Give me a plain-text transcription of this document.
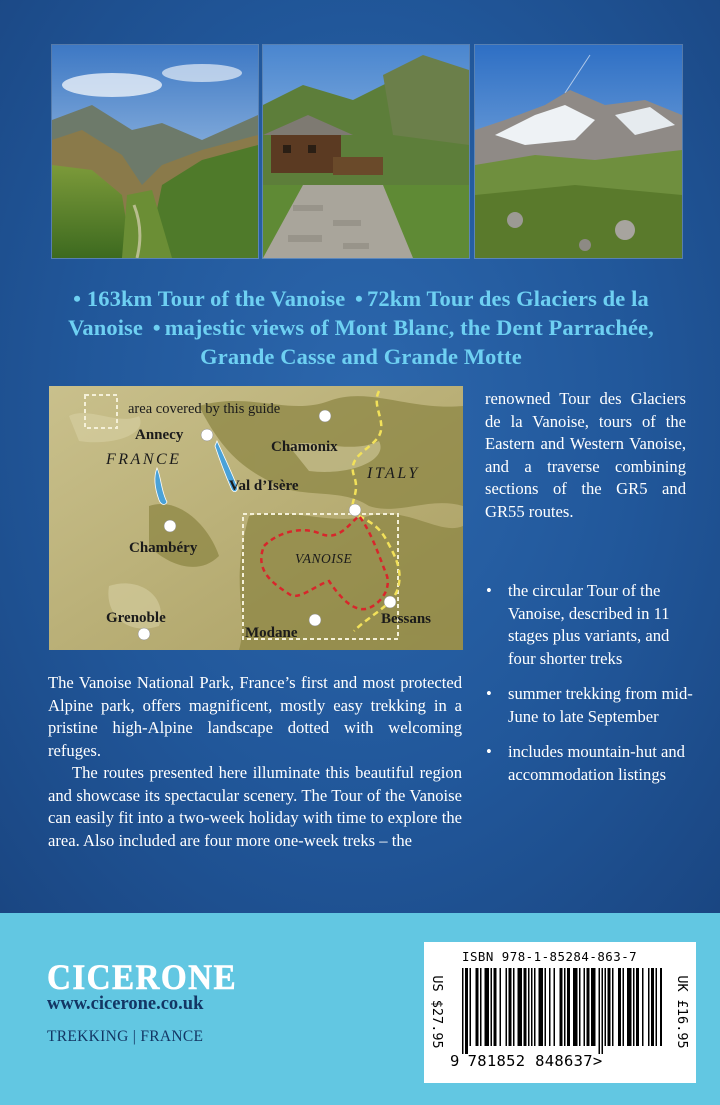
• 163km Tour of the Vanoise • 72km Tour des Glaciers de la Vanoise • majestic views of Mont Blanc, the Dent Parrachée, Grande Casse and Grande Motte
area covered by this guide
Annecy
Chamonix
FRANCE
ITALY
Val d’Isère
Chambéry
VANOISE
Grenoble
Modane
Bessans
renowned Tour des Glaciers de la Vanoise, tours of the Eastern and Western Vanoise, and a traverse combining sections of the GR5 and GR55 routes.
• the circular Tour of the Vanoise, described in 11 stages plus variants, and four shorter treks
• summer trekking from mid-June to late September
• includes mountain-hut and accommodation listings

The Vanoise National Park, France’s first and most protected Alpine park, offers magnificent, mostly easy trekking in a pristine high-Alpine landscape dotted with welcoming refuges.

The routes presented here illuminate this beautiful region and showcase its spectacular scenery. The Tour of the Vanoise can easily fit into a two-week holiday with time to explore the area. Also included are four more one-week treks – the

CICERONE
www.cicerone.co.uk
TREKKING | FRANCE	US $27.95	UK £16.95
ISBN 978-1-85284-863-7
9 781852 848637>
